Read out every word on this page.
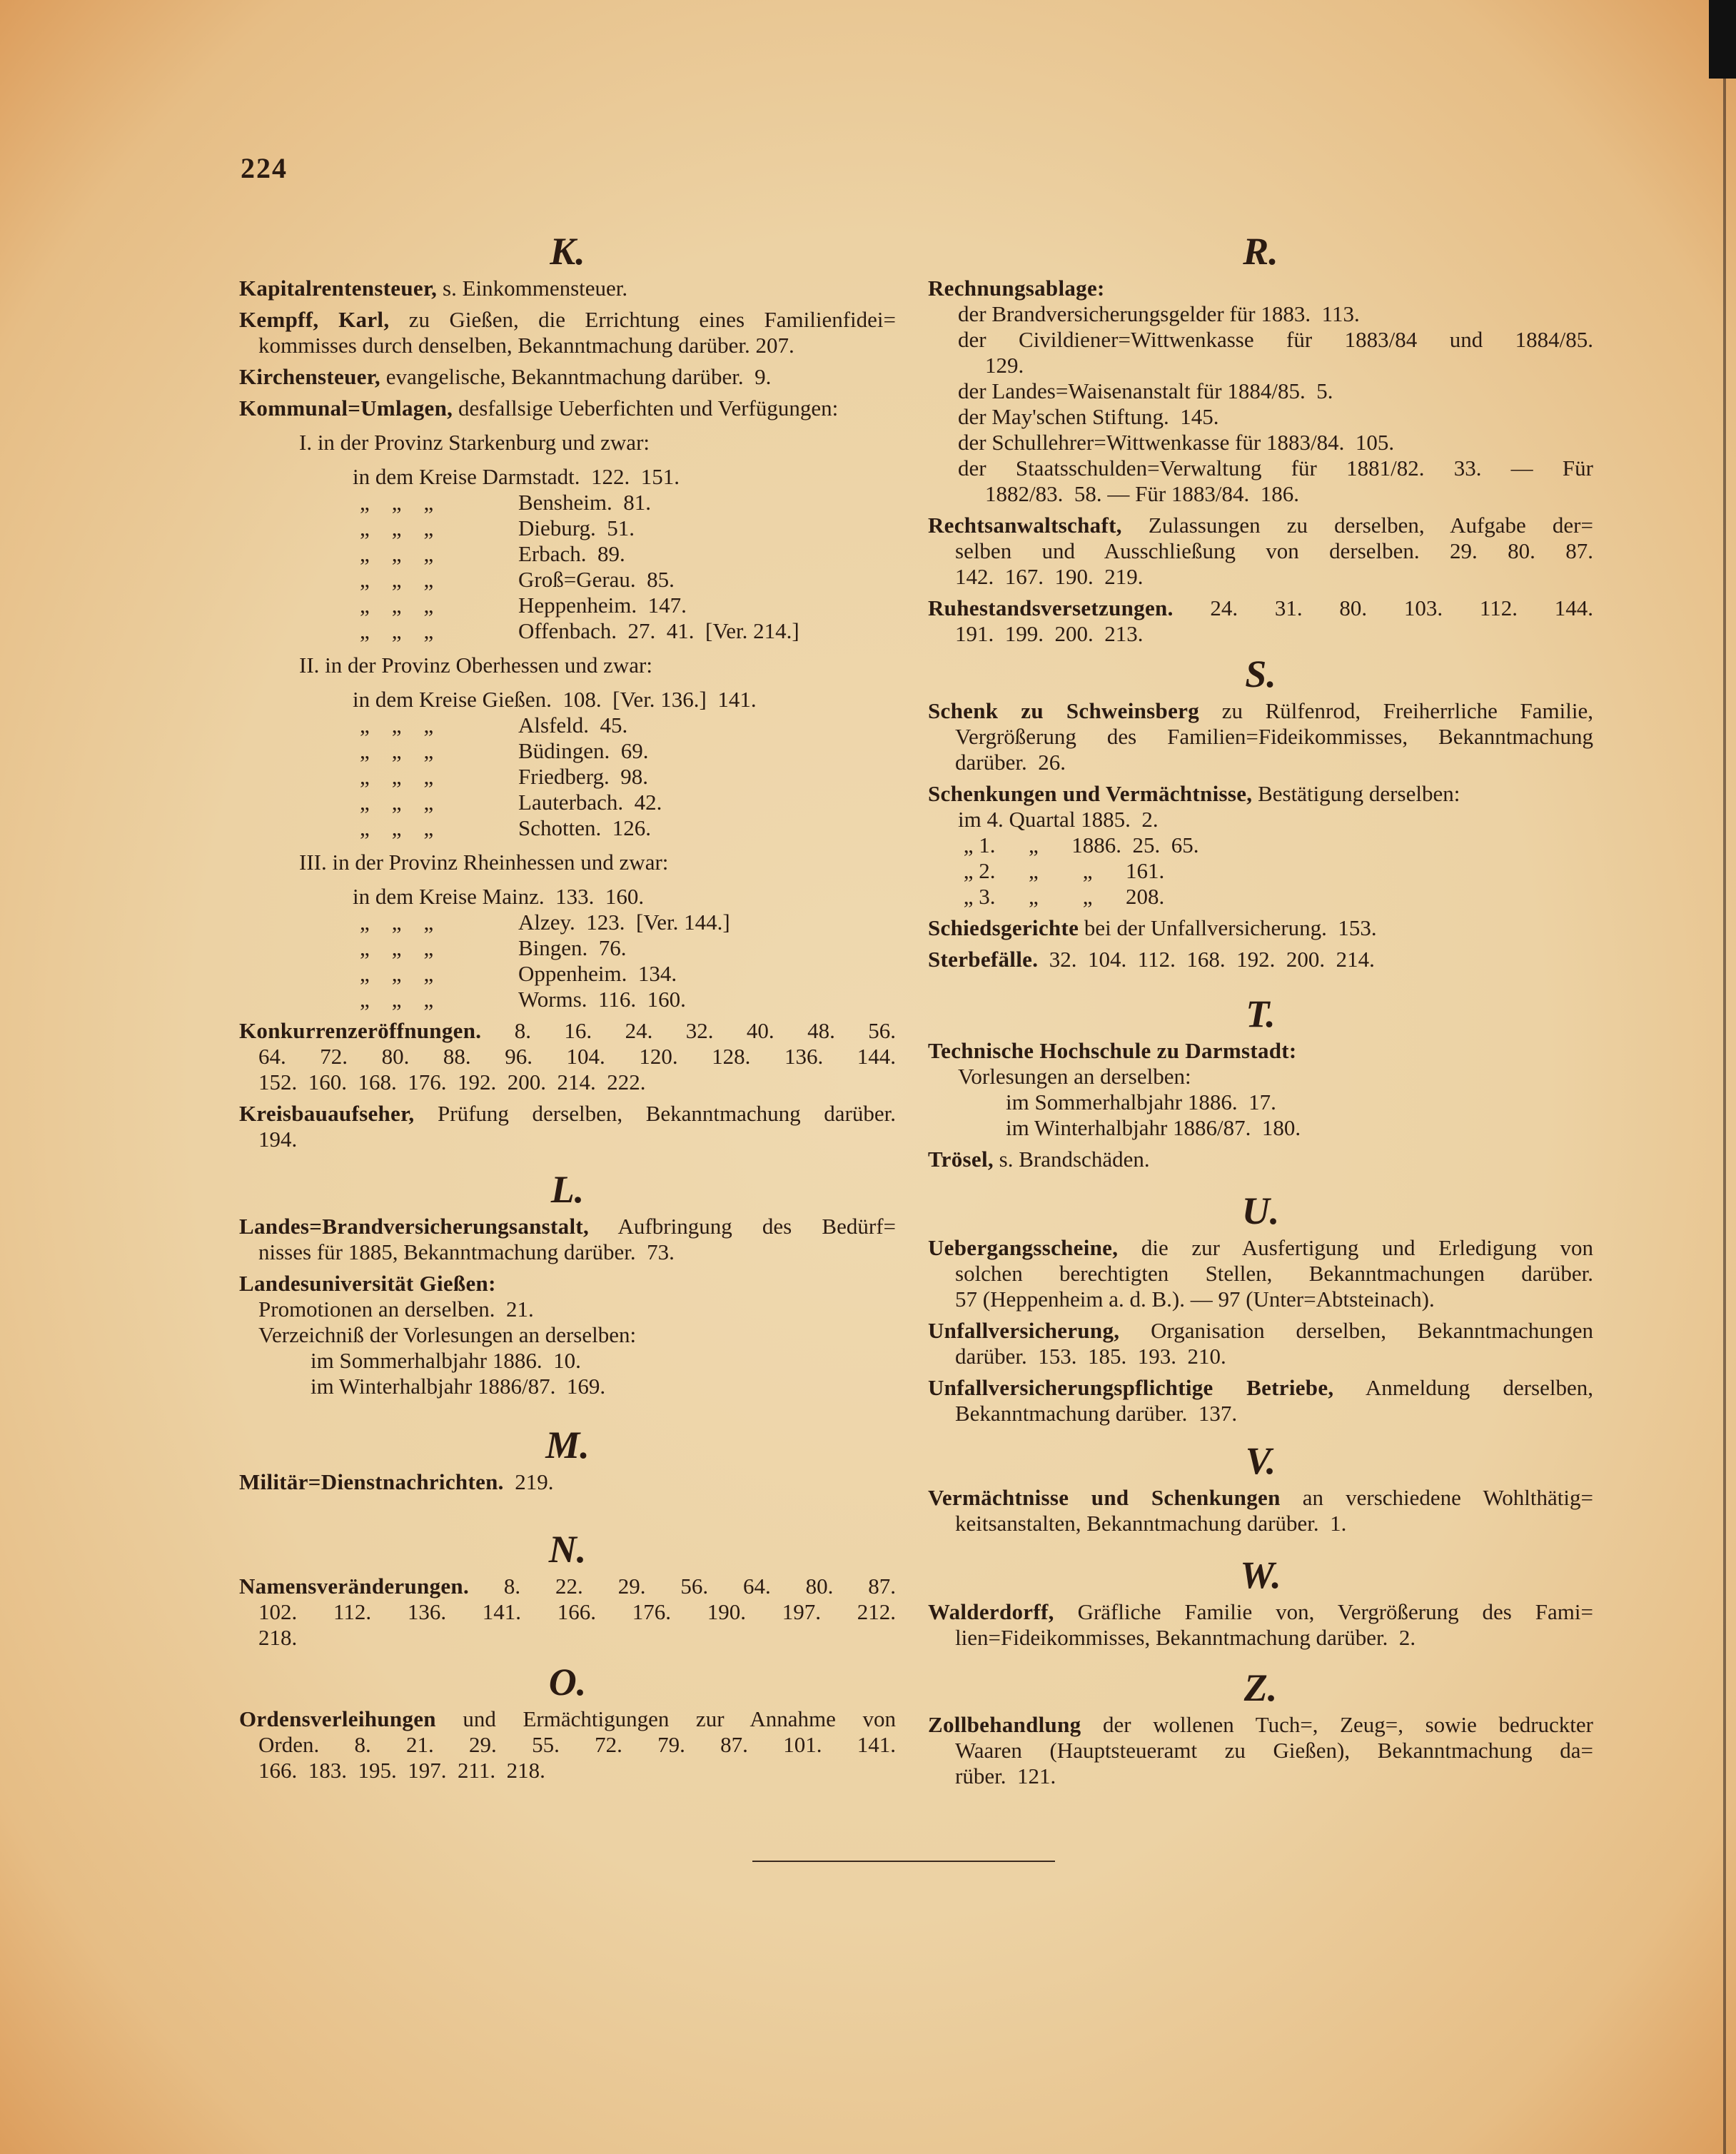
224
K.
Kapitalrentensteuer, s. Einkommensteuer.
Kempff, Karl, zu Gießen, die Errichtung eines Familienfidei=
kommisses durch denselben, Bekanntmachung darüber. 207.
Kirchensteuer, evangelische, Bekanntmachung darüber.  9.
Kommunal=Umlagen, desfallsige Ueberfichten und Verfügungen:
I. in der Provinz Starkenburg und zwar:
in dem Kreise Darmstadt.  122.  151.
„    „    „	Bensheim.  81.
„    „    „	Dieburg.  51.
„    „    „	Erbach.  89.
„    „    „	Groß=Gerau.  85.
„    „    „	Heppenheim.  147.
„    „    „	Offenbach.  27.  41.  [Ver. 214.]
II. in der Provinz Oberhessen und zwar:
in dem Kreise Gießen.  108.  [Ver. 136.]  141.
„    „    „	Alsfeld.  45.
„    „    „	Büdingen.  69.
„    „    „	Friedberg.  98.
„    „    „	Lauterbach.  42.
„    „    „	Schotten.  126.
III. in der Provinz Rheinhessen und zwar:
in dem Kreise Mainz.  133.  160.
„    „    „	Alzey.  123.  [Ver. 144.]
„    „    „	Bingen.  76.
„    „    „	Oppenheim.  134.
„    „    „	Worms.  116.  160.
Konkurrenzeröffnungen. 8. 16. 24. 32. 40. 48. 56.
64. 72. 80. 88. 96. 104. 120. 128. 136. 144.
152.  160.  168.  176.  192.  200.  214.  222.
Kreisbauaufseher, Prüfung derselben, Bekanntmachung darüber.
194.
L.
Landes=Brandversicherungsanstalt, Aufbringung des Bedürf=
nisses für 1885, Bekanntmachung darüber.  73.
Landesuniversität Gießen:
Promotionen an derselben.  21.
Verzeichniß der Vorlesungen an derselben:
im Sommerhalbjahr 1886.  10.
im Winterhalbjahr 1886/87.  169.
M.
Militär=Dienstnachrichten.  219.
N.
Namensveränderungen. 8. 22. 29. 56. 64. 80. 87.
102. 112. 136. 141. 166. 176. 190. 197. 212.
218.
O.
Ordensverleihungen und Ermächtigungen zur Annahme von
Orden. 8. 21. 29. 55. 72. 79. 87. 101. 141.
166.  183.  195.  197.  211.  218.
R.
Rechnungsablage:
der Brandversicherungsgelder für 1883.  113.
der Civildiener=Wittwenkasse für 1883/84 und 1884/85.
129.
der Landes=Waisenanstalt für 1884/85.  5.
der May'schen Stiftung.  145.
der Schullehrer=Wittwenkasse für 1883/84.  105.
der Staatsschulden=Verwaltung für 1881/82. 33. — Für
1882/83.  58. — Für 1883/84.  186.
Rechtsanwaltschaft, Zulassungen zu derselben, Aufgabe der=
selben und Ausschließung von derselben. 29. 80. 87.
142.  167.  190.  219.
Ruhestandsversetzungen. 24. 31. 80. 103. 112. 144.
191.  199.  200.  213.
S.
Schenk zu Schweinsberg zu Rülfenrod, Freiherrliche Familie,
Vergrößerung des Familien=Fideikommisses, Bekanntmachung
darüber.  26.
Schenkungen und Vermächtnisse, Bestätigung derselben:
im 4. Quartal 1885.  2.
„ 1.      „      1886.  25.  65.
„ 2.      „        „      161.
„ 3.      „        „      208.
Schiedsgerichte bei der Unfallversicherung.  153.
Sterbefälle.  32.  104.  112.  168.  192.  200.  214.
T.
Technische Hochschule zu Darmstadt:
Vorlesungen an derselben:
im Sommerhalbjahr 1886.  17.
im Winterhalbjahr 1886/87.  180.
Trösel, s. Brandschäden.
U.
Uebergangsscheine, die zur Ausfertigung und Erledigung von
solchen berechtigten Stellen, Bekanntmachungen darüber.
57 (Heppenheim a. d. B.). — 97 (Unter=Abtsteinach).
Unfallversicherung, Organisation derselben, Bekanntmachungen
darüber.  153.  185.  193.  210.
Unfallversicherungspflichtige Betriebe, Anmeldung derselben,
Bekanntmachung darüber.  137.
V.
Vermächtnisse und Schenkungen an verschiedene Wohlthätig=
keitsanstalten, Bekanntmachung darüber.  1.
W.
Walderdorff, Gräfliche Familie von, Vergrößerung des Fami=
lien=Fideikommisses, Bekanntmachung darüber.  2.
Z.
Zollbehandlung der wollenen Tuch=, Zeug=, sowie bedruckter
Waaren (Hauptsteueramt zu Gießen), Bekanntmachung da=
rüber.  121.
